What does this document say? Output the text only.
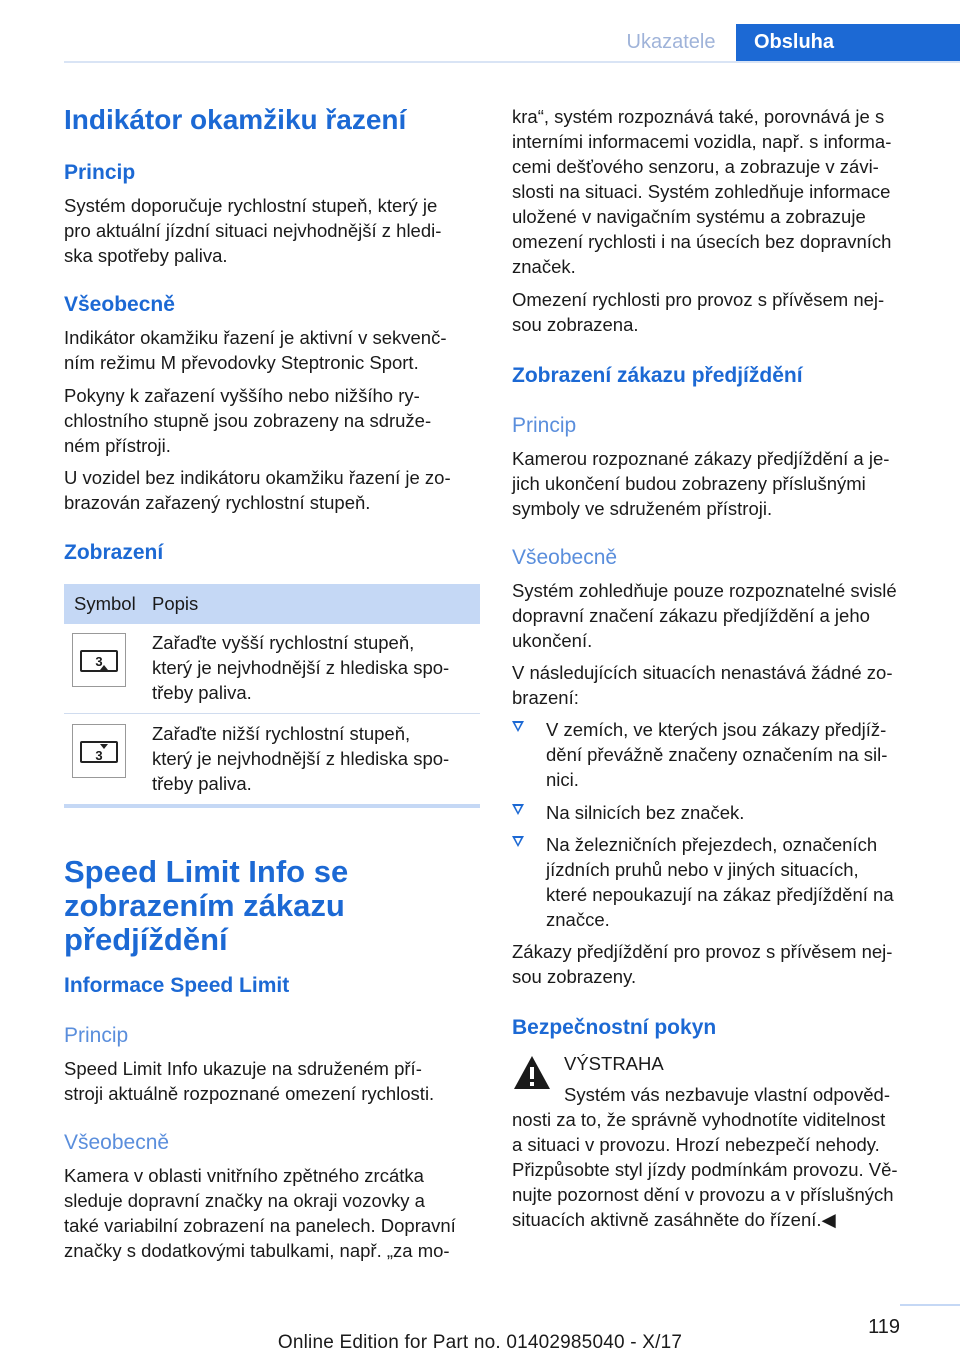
Ukazatele	Obsluha
Indikátor okamžiku řazení
Princip
Systém doporučuje rychlostní stupeň, který je
pro aktuální jízdní situaci nejvhodnější z hledi-
ska spotřeby paliva.
Všeobecně
Indikátor okamžiku řazení je aktivní v sekvenč-
ním režimu M převodovky Steptronic Sport.
Pokyny k zařazení vyššího nebo nižšího ry-
chlostního stupně jsou zobrazeny na sdruže-
ném přístroji.
U vozidel bez indikátoru okamžiku řazení je zo-
brazován zařazený rychlostní stupeň.
Zobrazení
Symbol Popis
3
Zařaďte vyšší rychlostní stupeň,
který je nejvhodnější z hlediska spo-
třeby paliva.
3
Zařaďte nižší rychlostní stupeň,
který je nejvhodnější z hlediska spo-
třeby paliva.
Speed Limit Info se
zobrazením zákazu
předjíždění
Informace Speed Limit
Princip
Speed Limit Info ukazuje na sdruženém pří-
stroji aktuálně rozpoznané omezení rychlosti.
Všeobecně
Kamera v oblasti vnitřního zpětného zrcátka
sleduje dopravní značky na okraji vozovky a
také variabilní zobrazení na panelech. Dopravní
značky s dodatkovými tabulkami, např. „za mo-
kra“, systém rozpoznává také, porovnává je s
interními informacemi vozidla, např. s informa-
cemi dešťového senzoru, a zobrazuje v závi-
slosti na situaci. Systém zohledňuje informace
uložené v navigačním systému a zobrazuje
omezení rychlosti i na úsecích bez dopravních
značek.
Omezení rychlosti pro provoz s přívěsem nej-
sou zobrazena.
Zobrazení zákazu předjíždění
Princip
Kamerou rozpoznané zákazy předjíždění a je-
jich ukončení budou zobrazeny příslušnými
symboly ve sdruženém přístroji.
Všeobecně
Systém zohledňuje pouze rozpoznatelné svislé
dopravní značení zákazu předjíždění a jeho
ukončení.
V následujících situacích nenastává žádné zo-
brazení:
V zemích, ve kterých jsou zákazy předjíž-
dění převážně značeny označením na sil-
nici.
Na silnicích bez značek.
Na železničních přejezdech, označeních
jízdních pruhů nebo v jiných situacích,
které nepoukazují na zákaz předjíždění na
značce.
Zákazy předjíždění pro provoz s přívěsem nej-
sou zobrazeny.
Bezpečnostní pokyn
VÝSTRAHA
Systém vás nezbavuje vlastní odpověd-
nosti za to, že správně vyhodnotíte viditelnost
a situaci v provozu. Hrozí nebezpečí nehody.
Přizpůsobte styl jízdy podmínkám provozu. Vě-
nujte pozornost dění v provozu a v příslušných
situacích aktivně zasáhněte do řízení.◀
119
Online Edition for Part no. 01402985040 - X/17
